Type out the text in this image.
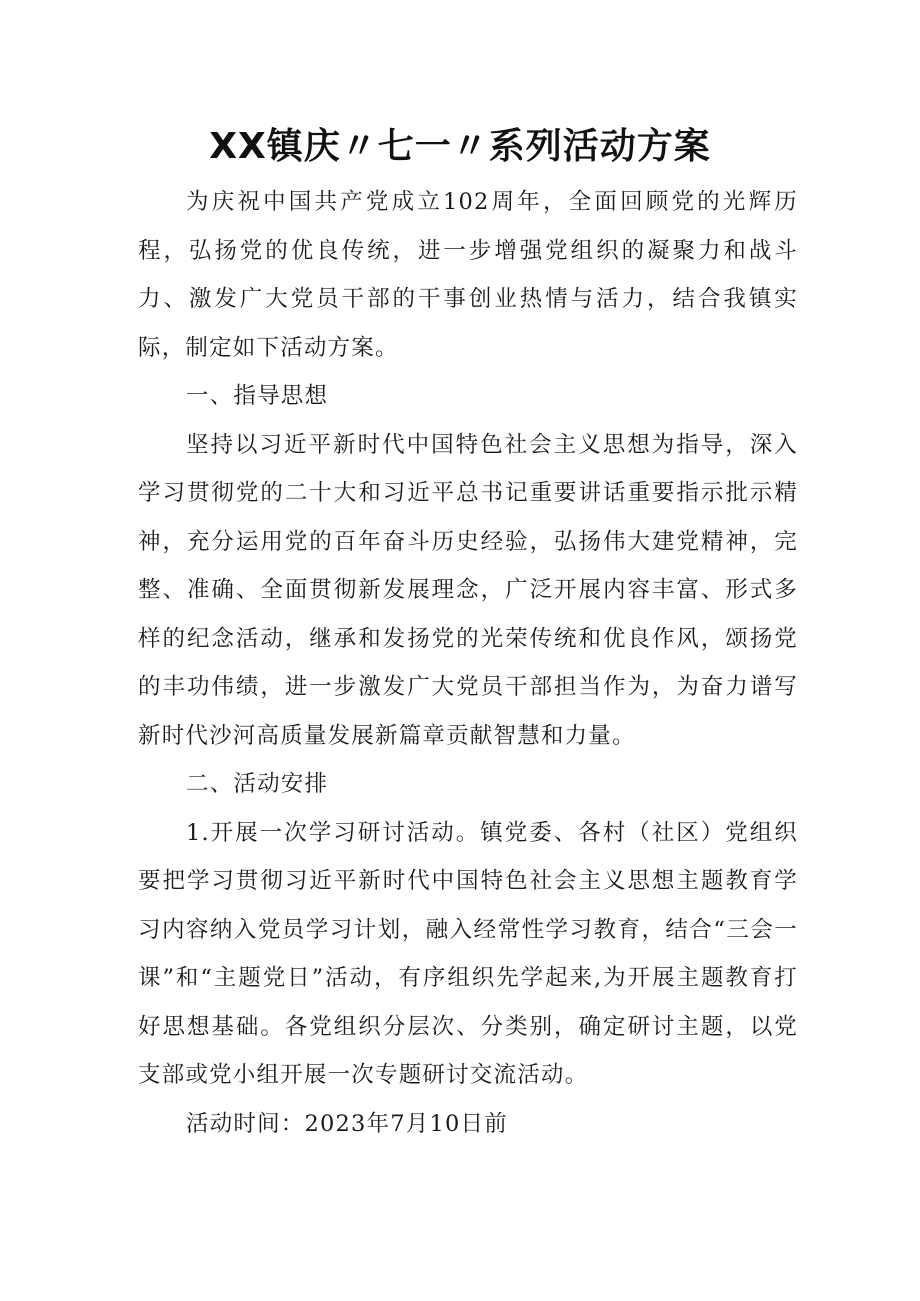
XX镇庆〃七一〃系列活动方案

为庆祝中国共产党成立102周年，全面回顾党的光辉历程，弘扬党的优良传统，进一步增强党组织的凝聚力和战斗力、激发广大党员干部的干事创业热情与活力，结合我镇实际，制定如下活动方案。

一、指导思想

坚持以习近平新时代中国特色社会主义思想为指导，深入学习贯彻党的二十大和习近平总书记重要讲话重要指示批示精神，充分运用党的百年奋斗历史经验，弘扬伟大建党精神，完整、准确、全面贯彻新发展理念，广泛开展内容丰富、形式多样的纪念活动，继承和发扬党的光荣传统和优良作风，颂扬党的丰功伟绩，进一步激发广大党员干部担当作为，为奋力谱写新时代沙河高质量发展新篇章贡献智慧和力量。

二、活动安排

1.开展一次学习研讨活动。镇党委、各村（社区）党组织要把学习贯彻习近平新时代中国特色社会主义思想主题教育学习内容纳入党员学习计划，融入经常性学习教育，结合“三会一课”和“主题党日”活动，有序组织先学起来,为开展主题教育打好思想基础。各党组织分层次、分类别，确定研讨主题，以党支部或党小组开展一次专题研讨交流活动。

活动时间：2023年7月10日前
